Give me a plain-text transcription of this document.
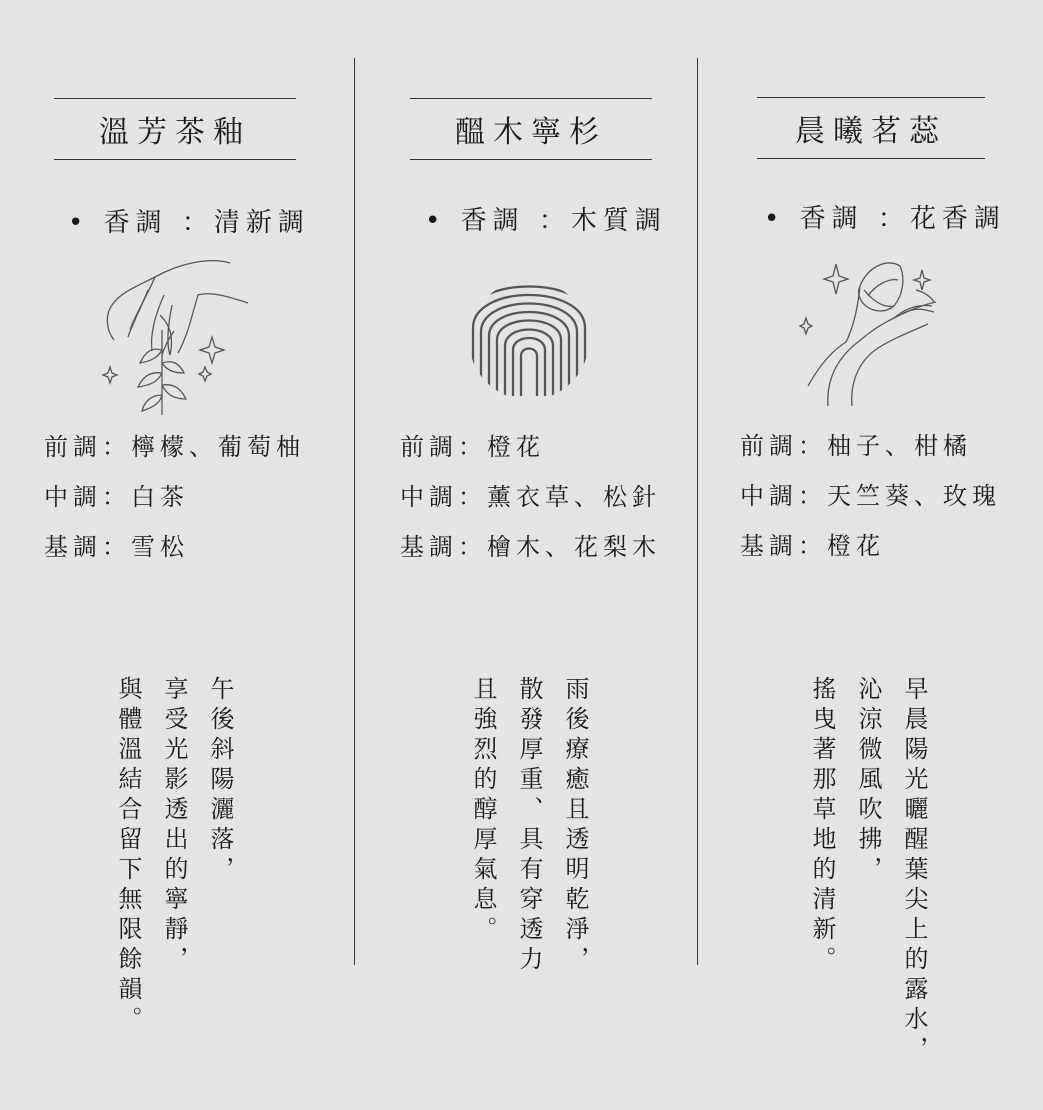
溫芳茶釉
• 香調 ：清新調
前調：檸檬、葡萄柚
中調：白茶
基調：雪松
午後斜陽灑落，
享受光影透出的寧靜，
與體溫結合留下無限餘韻。
醞木寧杉
• 香調 ：木質調
前調：橙花
中調：薰衣草、松針
基調：檜木、花梨木
雨後療癒且透明乾淨，
散發厚重、具有穿透力
且強烈的醇厚氣息。
晨曦茗蕊
• 香調 ：花香調
前調：柚子、柑橘
中調：天竺葵、玫瑰
基調：橙花
早晨陽光曬醒葉尖上的露水，
沁涼微風吹拂，
搖曳著那草地的清新。
